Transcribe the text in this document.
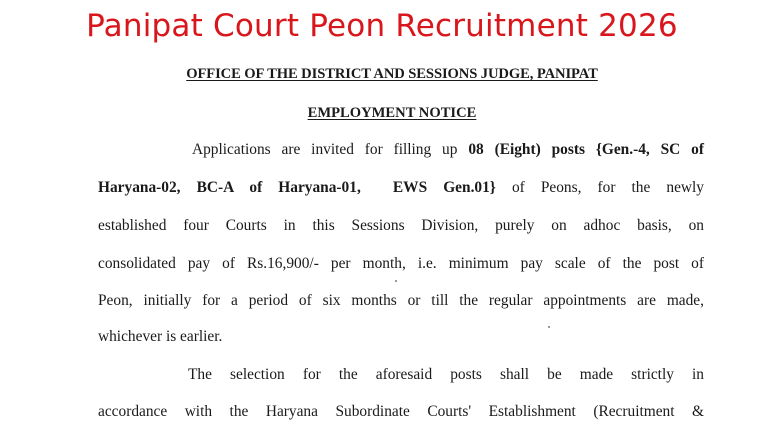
Panipat Court Peon Recruitment 2026
OFFICE OF THE DISTRICT AND SESSIONS JUDGE, PANIPAT
EMPLOYMENT NOTICE
Applications are invited for filling up 08 (Eight) posts {Gen.-4, SC of
Haryana-02, BC-A of Haryana-01,  EWS Gen.01} of Peons, for the newly
established four Courts in this Sessions Division, purely on adhoc basis, on
consolidated pay of Rs.16,900/- per month, i.e. minimum pay scale of the post of
Peon, initially for a period of six months or till the regular appointments are made,
whichever is earlier.
The selection for the aforesaid posts shall be made strictly in
accordance with the Haryana Subordinate Courts' Establishment (Recruitment &
